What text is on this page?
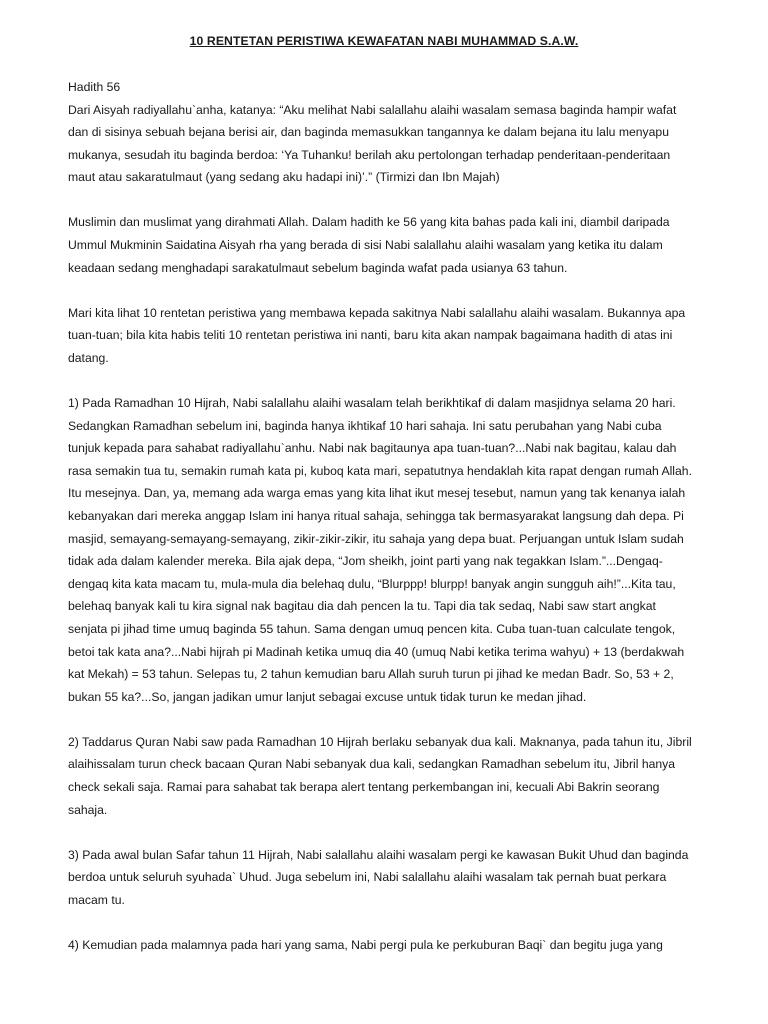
10 RENTETAN PERISTIWA KEWAFATAN NABI MUHAMMAD S.A.W.

Hadith 56
Dari Aisyah radiyallahu`anha, katanya: “Aku melihat Nabi salallahu alaihi wasalam semasa baginda hampir wafat
dan di sisinya sebuah bejana berisi air, dan baginda memasukkan tangannya ke dalam bejana itu lalu menyapu
mukanya, sesudah itu baginda berdoa: ‘Ya Tuhanku! berilah aku pertolongan terhadap penderitaan-penderitaan
maut atau sakaratulmaut (yang sedang aku hadapi ini)’.” (Tirmizi dan Ibn Majah)

Muslimin dan muslimat yang dirahmati Allah. Dalam hadith ke 56 yang kita bahas pada kali ini, diambil daripada
Ummul Mukminin Saidatina Aisyah rha yang berada di sisi Nabi salallahu alaihi wasalam yang ketika itu dalam
keadaan sedang menghadapi sarakatulmaut sebelum baginda wafat pada usianya 63 tahun.

Mari kita lihat 10 rentetan peristiwa yang membawa kepada sakitnya Nabi salallahu alaihi wasalam. Bukannya apa
tuan-tuan; bila kita habis teliti 10 rentetan peristiwa ini nanti, baru kita akan nampak bagaimana hadith di atas ini
datang.

1) Pada Ramadhan 10 Hijrah, Nabi salallahu alaihi wasalam telah berikhtikaf di dalam masjidnya selama 20 hari.
Sedangkan Ramadhan sebelum ini, baginda hanya ikhtikaf 10 hari sahaja. Ini satu perubahan yang Nabi cuba
tunjuk kepada para sahabat radiyallahu`anhu. Nabi nak bagitaunya apa tuan-tuan?...Nabi nak bagitau, kalau dah
rasa semakin tua tu, semakin rumah kata pi, kuboq kata mari, sepatutnya hendaklah kita rapat dengan rumah Allah.
Itu mesejnya. Dan, ya, memang ada warga emas yang kita lihat ikut mesej tesebut, namun yang tak kenanya ialah
kebanyakan dari mereka anggap Islam ini hanya ritual sahaja, sehingga tak bermasyarakat langsung dah depa. Pi
masjid, semayang-semayang-semayang, zikir-zikir-zikir, itu sahaja yang depa buat. Perjuangan untuk Islam sudah
tidak ada dalam kalender mereka. Bila ajak depa, “Jom sheikh, joint parti yang nak tegakkan Islam.”...Dengaq-
dengaq kita kata macam tu, mula-mula dia belehaq dulu, “Blurppp! blurpp! banyak angin sungguh aih!”...Kita tau,
belehaq banyak kali tu kira signal nak bagitau dia dah pencen la tu. Tapi dia tak sedaq, Nabi saw start angkat
senjata pi jihad time umuq baginda 55 tahun. Sama dengan umuq pencen kita. Cuba tuan-tuan calculate tengok,
betoi tak kata ana?...Nabi hijrah pi Madinah ketika umuq dia 40 (umuq Nabi ketika terima wahyu) + 13 (berdakwah
kat Mekah) = 53 tahun. Selepas tu, 2 tahun kemudian baru Allah suruh turun pi jihad ke medan Badr. So, 53 + 2,
bukan 55 ka?...So, jangan jadikan umur lanjut sebagai excuse untuk tidak turun ke medan jihad.

2) Taddarus Quran Nabi saw pada Ramadhan 10 Hijrah berlaku sebanyak dua kali. Maknanya, pada tahun itu, Jibril
alaihissalam turun check bacaan Quran Nabi sebanyak dua kali, sedangkan Ramadhan sebelum itu, Jibril hanya
check sekali saja. Ramai para sahabat tak berapa alert tentang perkembangan ini, kecuali Abi Bakrin seorang
sahaja.

3) Pada awal bulan Safar tahun 11 Hijrah, Nabi salallahu alaihi wasalam pergi ke kawasan Bukit Uhud dan baginda
berdoa untuk seluruh syuhada` Uhud. Juga sebelum ini, Nabi salallahu alaihi wasalam tak pernah buat perkara
macam tu.

4) Kemudian pada malamnya pada hari yang sama, Nabi pergi pula ke perkuburan Baqi` dan begitu juga yang
